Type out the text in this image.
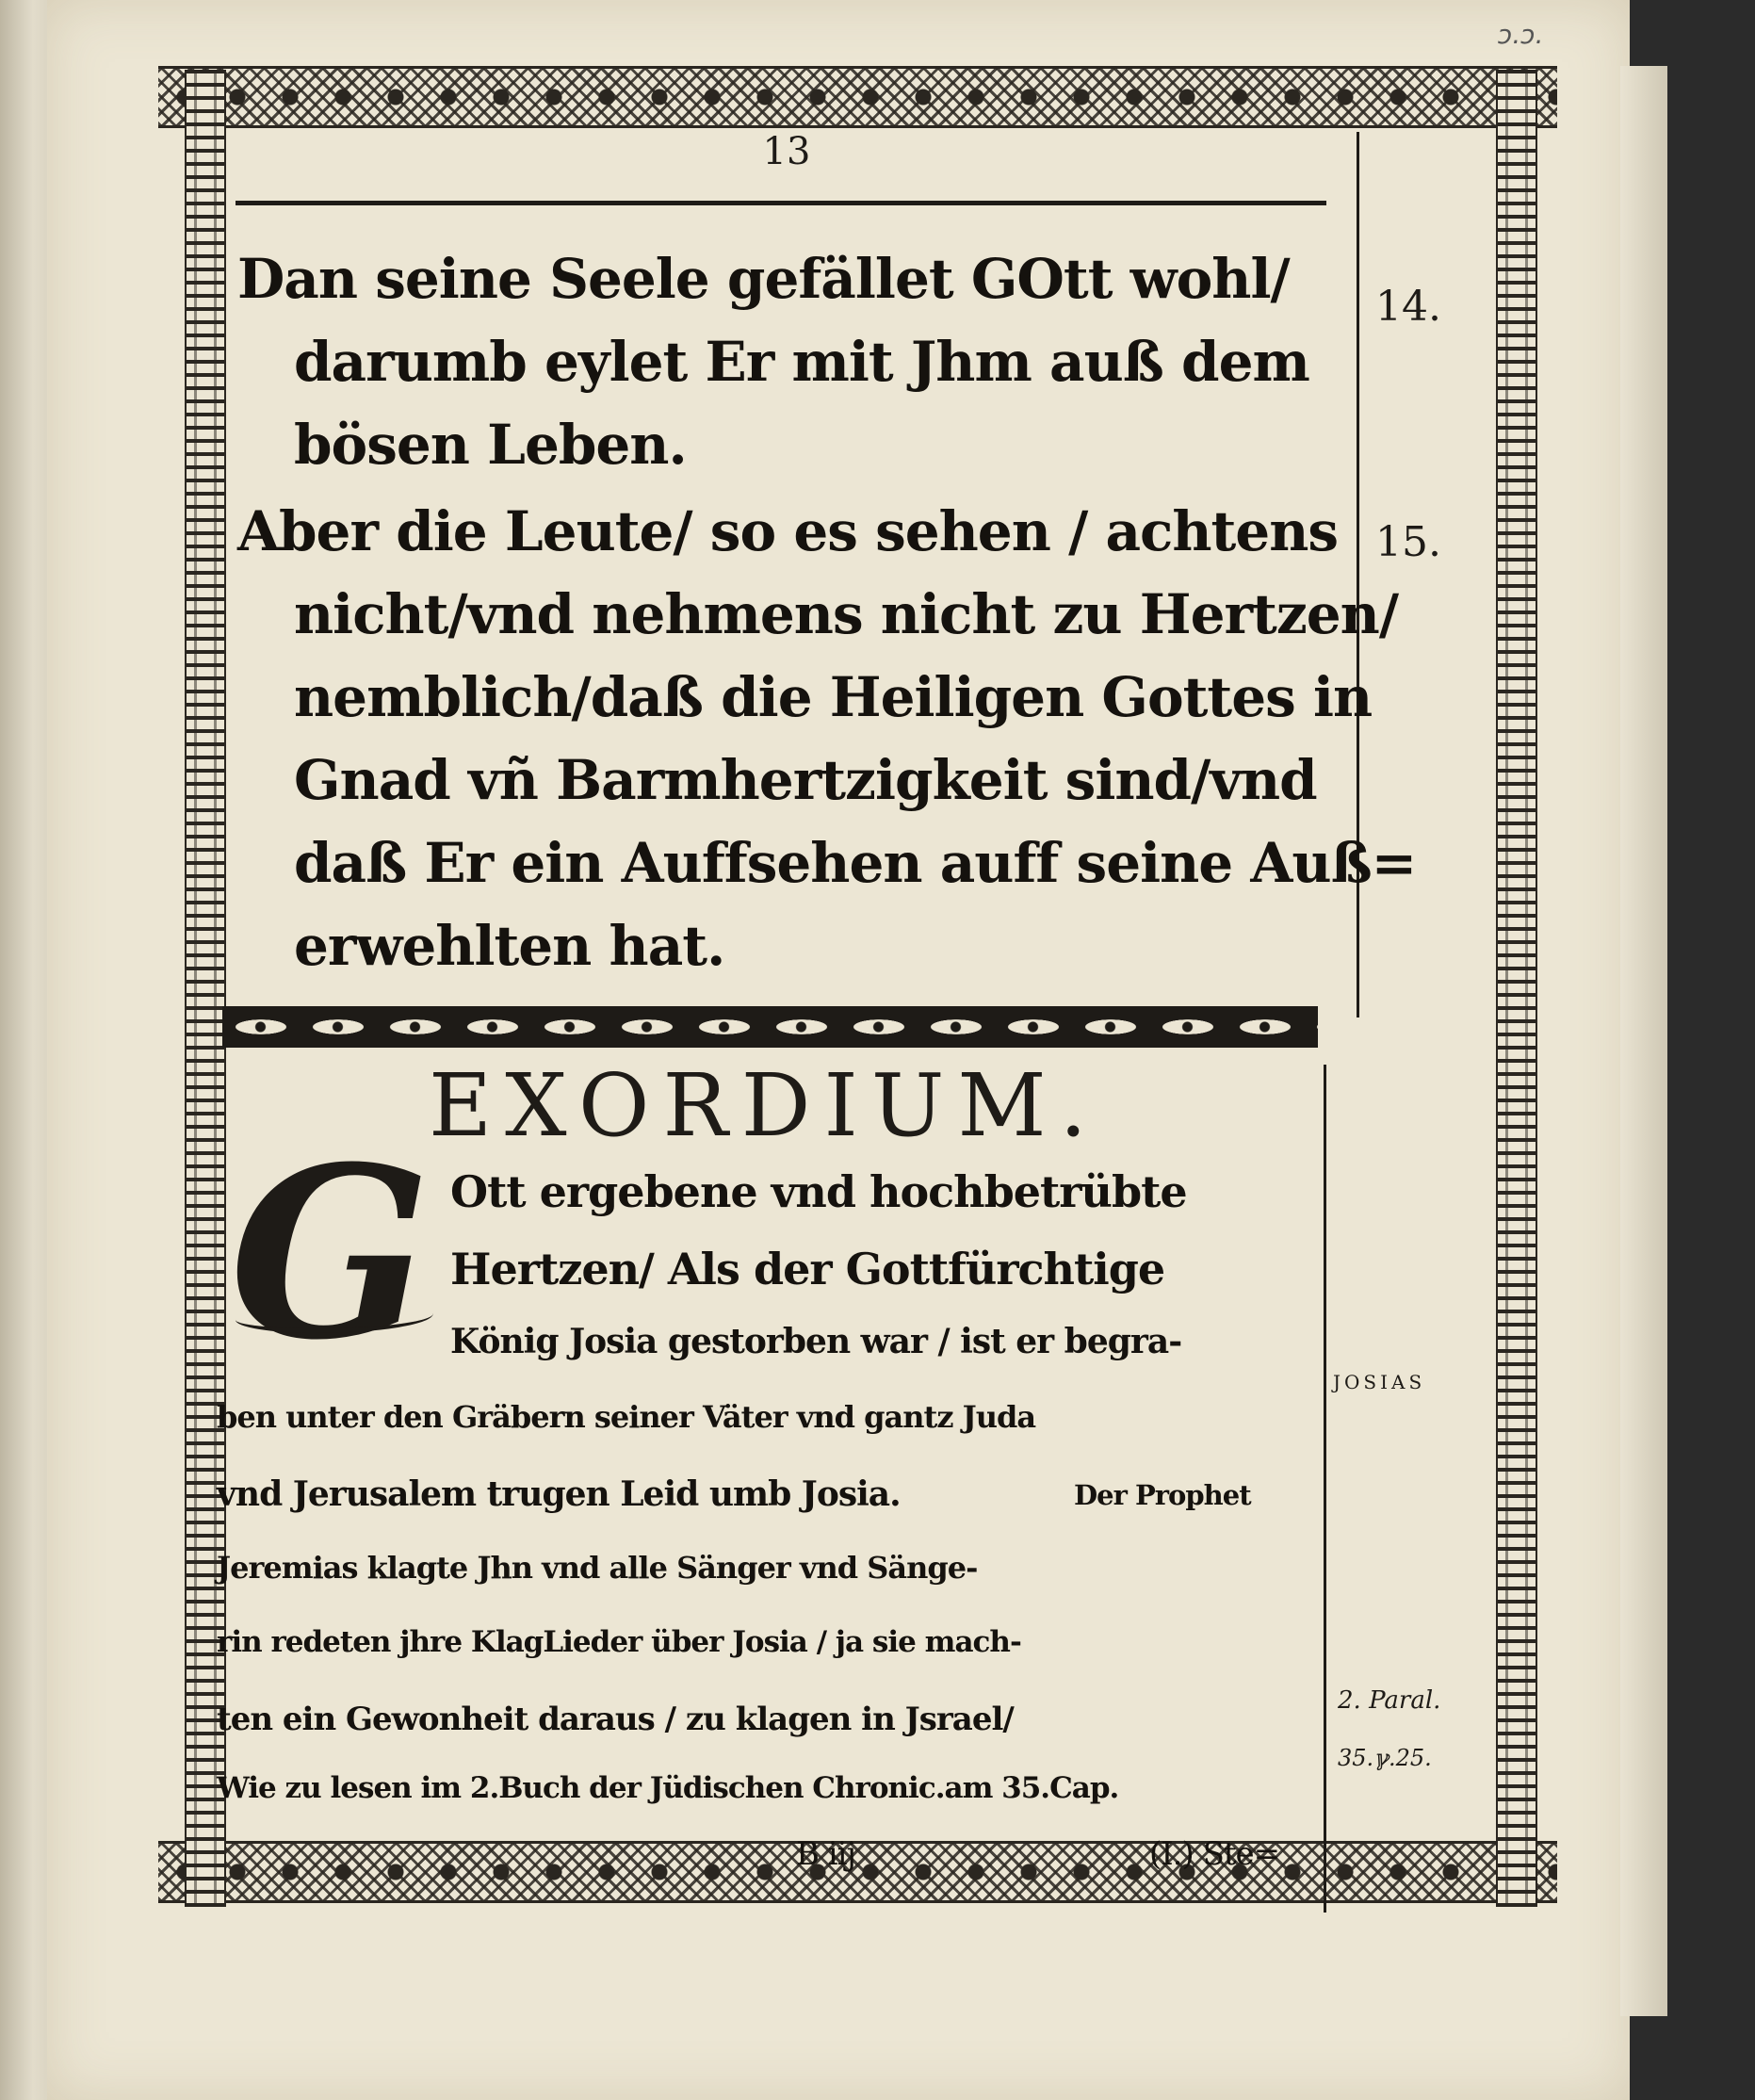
ↄ.ↄ.
13
Dan seine Seele gefället GOtt wohl/
darumb eylet Er mit Jhm auß dem
bösen Leben.
Aber die Leute/ so es sehen / achtens
nicht/vnd nehmens nicht zu Hertzen/
nemblich/daß die Heiligen Gottes in
Gnad vñ Barmhertzigkeit sind/vnd
daß Er ein Auffsehen auff seine Auß=
erwehlten hat.
EXORDIUM.
G Ott ergebene vnd hochbetrübte
Hertzen/ Als der Gottfürchtige
König Josia gestorben war / ist er begra-
ben unter den Gräbern seiner Väter vnd gantz Juda
vnd Jerusalem trugen Leid umb Josia.	Der Prophet
Jeremias klagte Jhn vnd alle Sänger vnd Sänge-
rin redeten jhre KlagLieder über Josia / ja sie mach-
ten ein Gewonheit daraus / zu klagen in Jsrael/
Wie zu lesen im 2.Buch der Jüdischen Chronic.am 35.Cap.
B iij	(I.) Ste=
14.
15.
JOSIAS
2. Paral.
35.ℽ.25.
